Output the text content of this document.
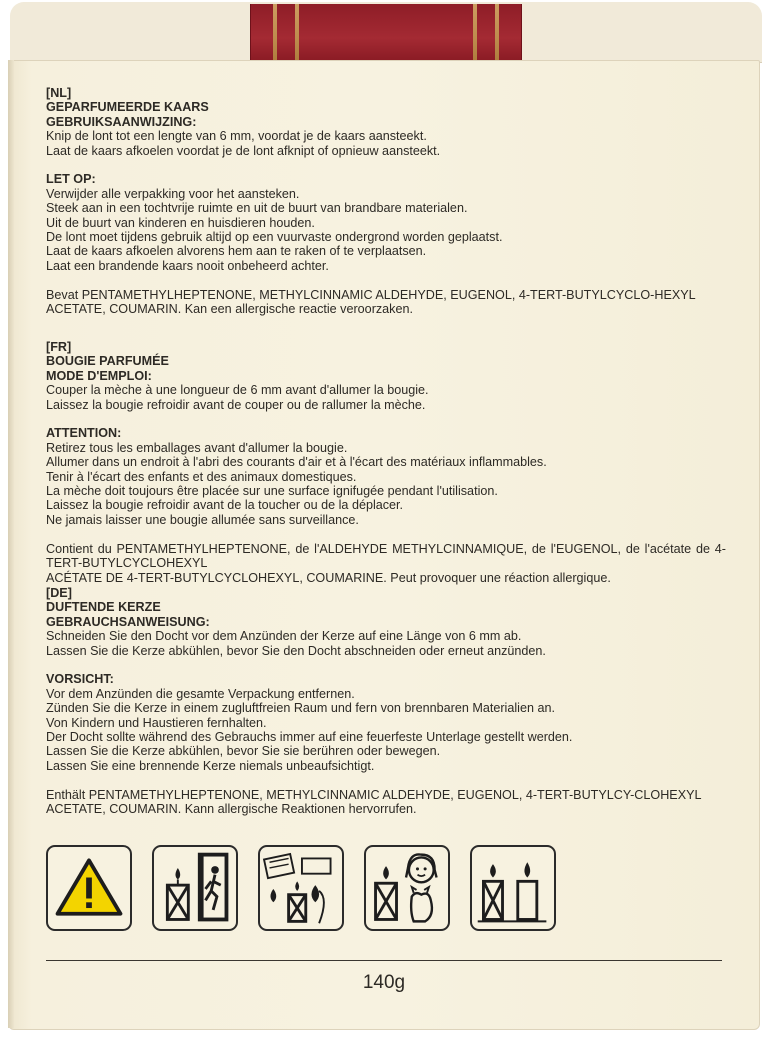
[NL]
GEPARFUMEERDE KAARS
GEBRUIKSAANWIJZING:
Knip de lont tot een lengte van 6 mm, voordat je de kaars aansteekt.
Laat de kaars afkoelen voordat je de lont afknipt of opnieuw aansteekt.

LET OP:
Verwijder alle verpakking voor het aansteken.
Steek aan in een tochtvrije ruimte en uit de buurt van brandbare materialen.
Uit de buurt van kinderen en huisdieren houden.
De lont moet tijdens gebruik altijd op een vuurvaste ondergrond worden geplaatst.
Laat de kaars afkoelen alvorens hem aan te raken of te verplaatsen.
Laat een brandende kaars nooit onbeheerd achter.

Bevat PENTAMETHYLHEPTENONE, METHYLCINNAMIC ALDEHYDE, EUGENOL, 4-TERT-BUTYLCYCLO-HEXYL
ACETATE, COUMARIN. Kan een allergische reactie veroorzaken.
[FR]
BOUGIE PARFUMÉE
MODE D'EMPLOI:
Couper la mèche à une longueur de 6 mm avant d'allumer la bougie.
Laissez la bougie refroidir avant de couper ou de rallumer la mèche.

ATTENTION:
Retirez tous les emballages avant d'allumer la bougie.
Allumer dans un endroit à l'abri des courants d'air et à l'écart des matériaux inflammables.
Tenir à l'écart des enfants et des animaux domestiques.
La mèche doit toujours être placée sur une surface ignifugée pendant l'utilisation.
Laissez la bougie refroidir avant de la toucher ou de la déplacer.
Ne jamais laisser une bougie allumée sans surveillance.

Contient du PENTAMETHYLHEPTENONE, de l'ALDEHYDE METHYLCINNAMIQUE, de l'EUGENOL, de l'acétate de 4-TERT-BUTYLCYCLOHEXYL
ACÉTATE DE 4-TERT-BUTYLCYCLOHEXYL, COUMARINE. Peut provoquer une réaction allergique.
[DE]
DUFTENDE KERZE
GEBRAUCHSANWEISUNG:
Schneiden Sie den Docht vor dem Anzünden der Kerze auf eine Länge von 6 mm ab.
Lassen Sie die Kerze abkühlen, bevor Sie den Docht abschneiden oder erneut anzünden.

VORSICHT:
Vor dem Anzünden die gesamte Verpackung entfernen.
Zünden Sie die Kerze in einem zugluftfreien Raum und fern von brennbaren Materialien an.
Von Kindern und Haustieren fernhalten.
Der Docht sollte während des Gebrauchs immer auf eine feuerfeste Unterlage gestellt werden.
Lassen Sie die Kerze abkühlen, bevor Sie sie berühren oder bewegen.
Lassen Sie eine brennende Kerze niemals unbeaufsichtigt.

Enthält PENTAMETHYLHEPTENONE, METHYLCINNAMIC ALDEHYDE, EUGENOL, 4-TERT-BUTYLCY-CLOHEXYL
ACETATE, COUMARIN. Kann allergische Reaktionen hervorrufen.
140g
